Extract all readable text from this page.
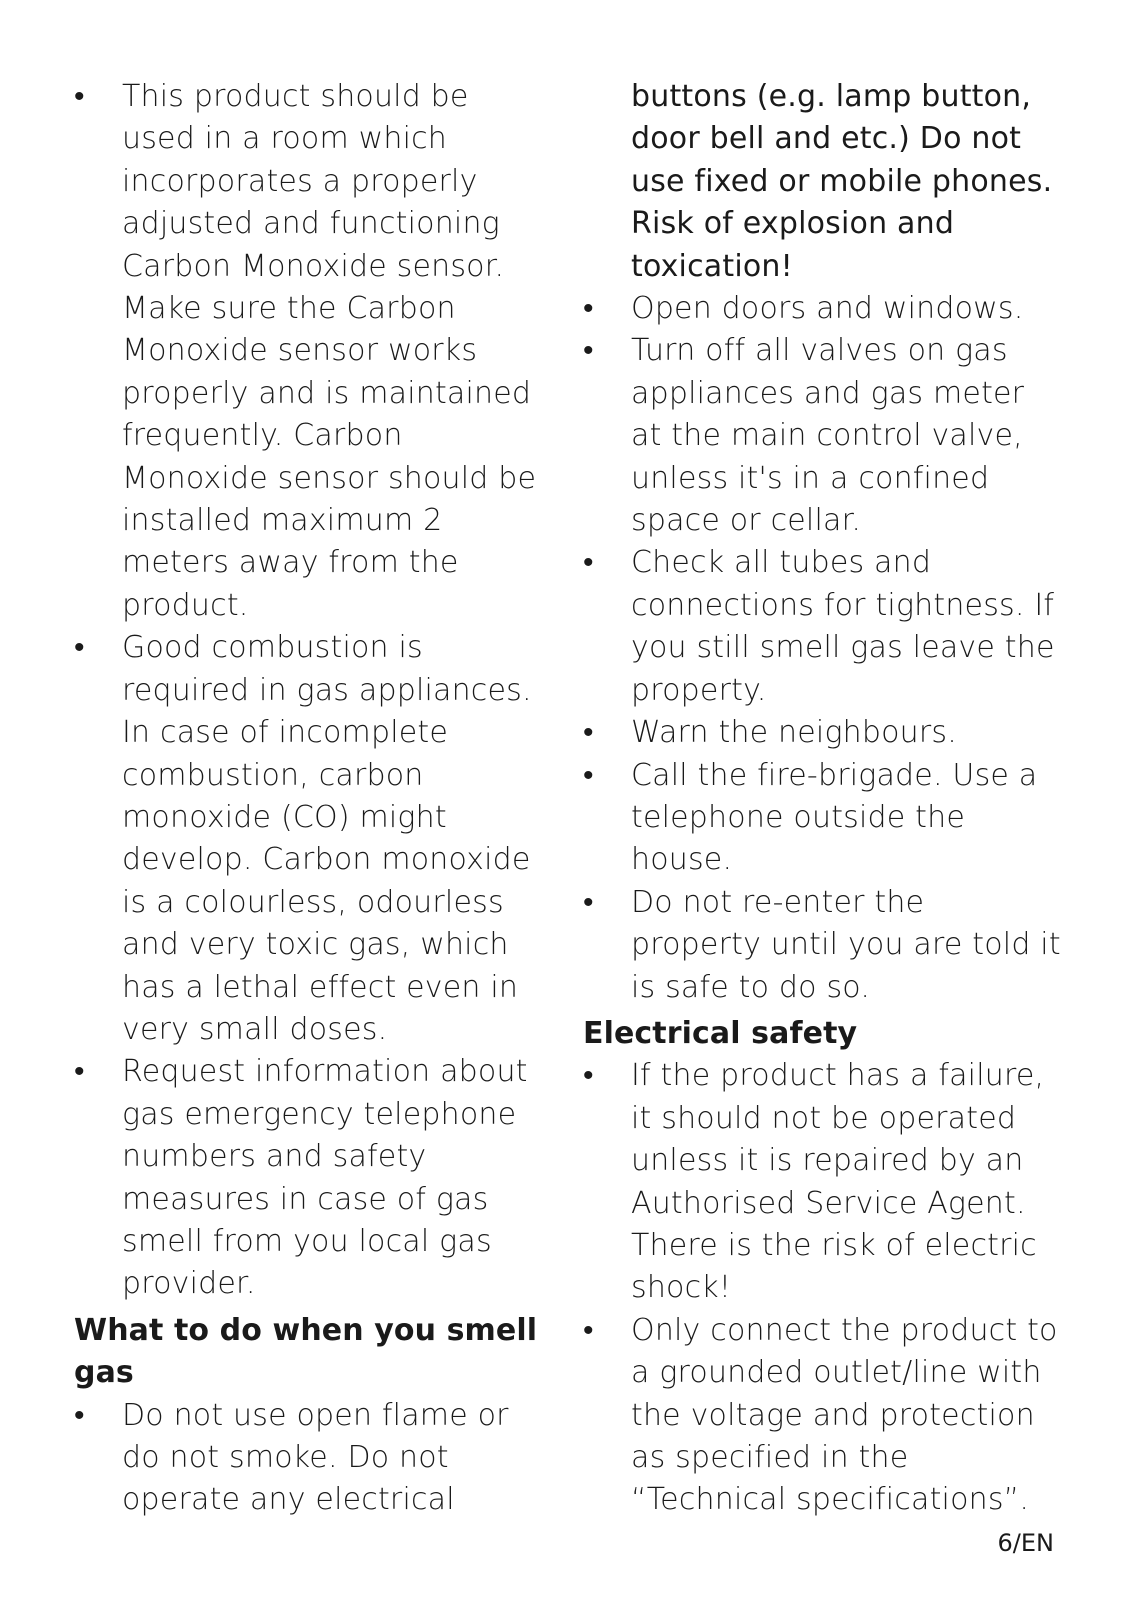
•	This product should be used in a room which incorporates a properly adjusted and functioning Carbon Monoxide sensor. Make sure the Carbon Monoxide sensor works properly and is maintained frequently. Carbon Monoxide sensor should be installed maximum 2 meters away from the product.
•	Good combustion is required in gas appliances. In case of incomplete combustion, carbon monoxide (CO) might develop. Carbon monoxide is a colourless, odourless and very toxic gas, which has a lethal effect even in very small doses.
•	Request information about gas emergency telephone numbers and safety measures in case of gas smell from you local gas provider.
What to do when you smell gas
•	Do not use open flame or do not smoke. Do not operate any electrical
buttons (e.g. lamp button, door bell and etc.) Do not use fixed or mobile phones. Risk of explosion and toxication!
•	Open doors and windows.
•	Turn off all valves on gas appliances and gas meter at the main control valve, unless it's in a confined space or cellar.
•	Check all tubes and connections for tightness. If you still smell gas leave the property.
•	Warn the neighbours.
•	Call the fire-brigade. Use a telephone outside the house.
•	Do not re-enter the property until you are told it is safe to do so.
Electrical safety
•	If the product has a failure, it should not be operated unless it is repaired by an Authorised Service Agent. There is the risk of electric shock!
•	Only connect the product to a grounded outlet/line with the voltage and protection as specified in the “Technical specifications”.
6/EN
